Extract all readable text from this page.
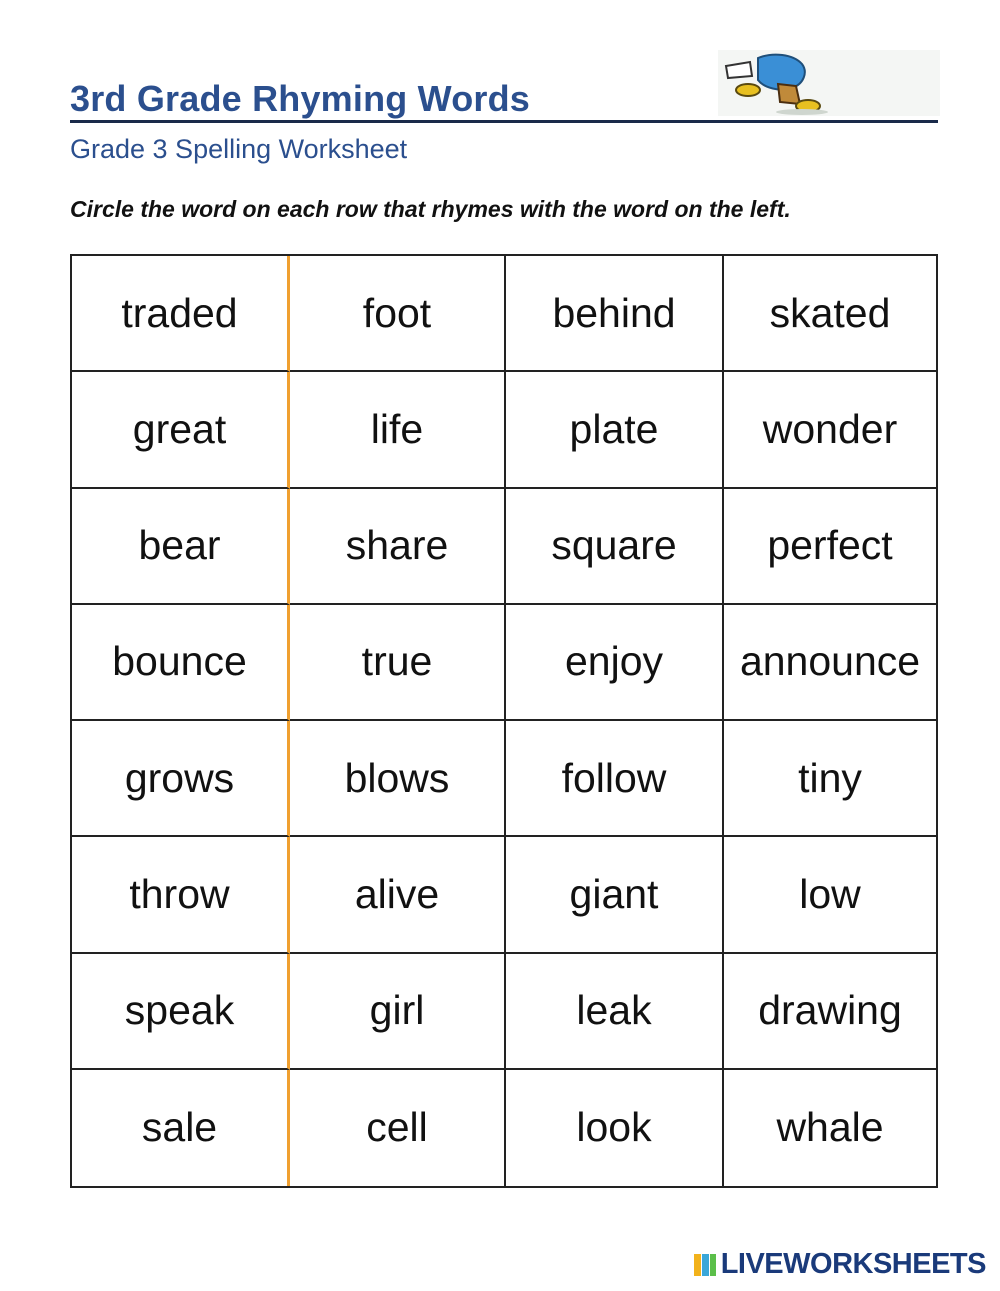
3rd Grade Rhyming Words
Grade 3 Spelling Worksheet
Circle the word on each row that rhymes with the word on the left.
traded	foot	behind	skated
great	life	plate	wonder
bear	share	square	perfect
bounce	true	enjoy	announce
grows	blows	follow	tiny
throw	alive	giant	low
speak	girl	leak	drawing
sale	cell	look	whale
LIVEWORKSHEETS
